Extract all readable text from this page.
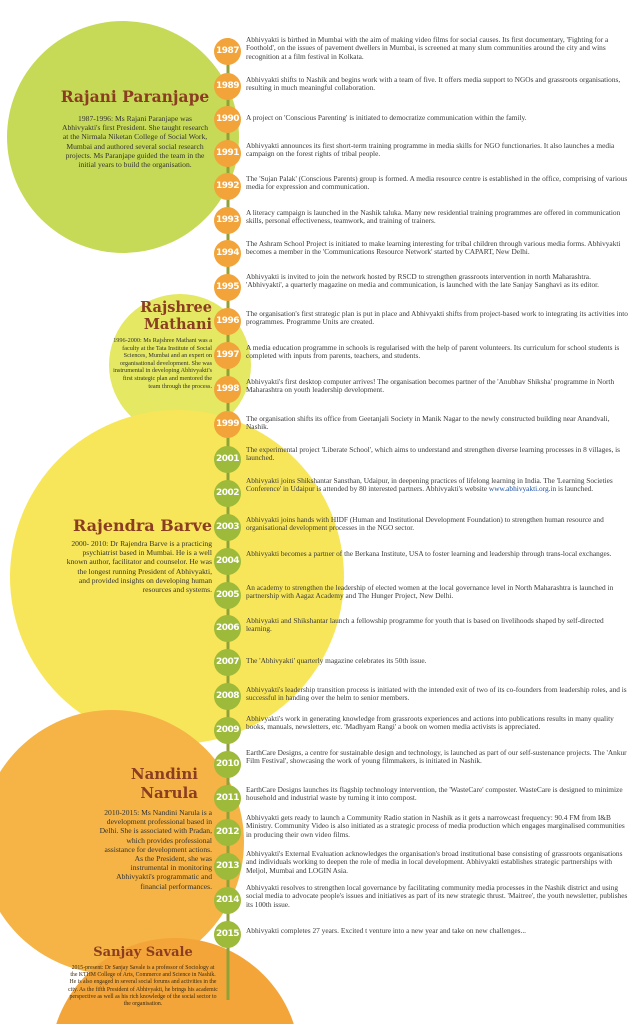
Rajani Paranjape
1987-1996: Ms Rajani Paranjape was Abhivyakti's first President. She taught research at the Nirmala Niketan College of Social Work, Mumbai and authored several social research projects. Ms Paranjape guided the team in the initial years to build the organisation.
Rajshree
Mathani
1996-2000: Ms Rajshree Mathani was a faculty at the Tata Institute of Social Sciences, Mumbai and an expert on organisational development. She was instrumental in developing Abhivyakti's first strategic plan and mentored the team through the process.
Rajendra Barve
2000- 2010: Dr Rajendra Barve is a practicing psychiatrist based in Mumbai. He is a well known author, facilitator and counselor. He was the longest running President of Abhivyakti, and provided insights on developing human resources and systems.
Nandini
Narula
2010-2015: Ms Nandini Narula is a development professional based in Delhi. She is associated with Pradan, which provides professional assistance for development actions. As the President, she was instrumental in monitoring Abhivyakti's programmatic and financial performances.
Sanjay Savale
2015-present: Dr Sanjay Savale is a professor of Sociology at the KTHM College of Arts, Commerce and Science in Nashik. He is also engaged in several social forums and activities in the city. As the fifth President of Abhivyakti, he brings his academic perspective as well as his rich knowledge of the social sector to the organisation.
1987
Abhivyakti is birthed in Mumbai with the aim of making video films for social causes. Its first documentary, 'Fighting for a Foothold', on the issues of pavement dwellers in Mumbai, is screened at many slum communities around the city and wins recognition at a film festival in Kolkata.
1989
Abhivyakti shifts to Nashik and begins work with a team of five. It offers media support to NGOs and grassroots organisations, resulting in much meaningful collaboration.
1990 A project on 'Conscious Parenting' is initiated to democratize communication within the family.
1991
Abhivyakti announces its first short-term training programme in media skills for NGO functionaries. It also launches a media campaign on the forest rights of tribal people.
1992
The 'Sujan Palak' (Conscious Parents) group is formed. A media resource centre is established in the office, comprising of various media for expression and communication.
1993
A literacy campaign is launched in the Nashik taluka. Many new residential training programmes are offered in communication skills, personal effectiveness, teamwork, and training of trainers.
1994
The Ashram School Project is initiated to make learning interesting for tribal children through various media forms. Abhivyakti becomes a member in the 'Communications Resource Network' started by CAPART, New Delhi.
1995
Abhivyakti is invited to join the network hosted by RSCD to strengthen grassroots intervention in north Maharashtra. 'Abhivyakti', a quarterly magazine on media and communication, is launched with the late Sanjay Sanghavi as its editor.
1996
The organisation's first strategic plan is put in place and Abhivyakti shifts from project-based work to integrating its activities into programmes. Programme Units are created.
1997
A media education programme in schools is regularised with the help of parent volunteers. Its curriculum for school students is completed with inputs from parents, teachers, and students.
1998
Abhivyakti's first desktop computer arrives! The organisation becomes partner of the 'Anubhav Shiksha' programme in North Maharashtra on youth leadership development.
1999
The organisation shifts its office from Geetanjali Society in Manik Nagar to the newly constructed building near Anandvali, Nashik.
2001
The experimental project 'Liberate School', which aims to understand and strengthen diverse learning processes in 8 villages, is launched.
2002
Abhivyakti joins Shikshantar Sansthan, Udaipur, in deepening practices of lifelong learning in India. The 'Learning Societies Conference' in Udaipur is attended by 80 interested partners. Abhivyakti's website www.abhivyakti.org.in is launched.
2003
Abhivyakti joins hands with HIDF (Human and Institutional Development Foundation) to strengthen human resource and organisational development processes in the NGO sector.
2004
Abhivyakti becomes a partner of the Berkana Institute, USA to foster learning and leadership through trans-local exchanges.
2005
An academy to strengthen the leadership of elected women at the local governance level in North Maharashtra is launched in partnership with Aagaz Academy and The Hunger Project, New Delhi.
2006
Abhivyakti and Shikshantar launch a fellowship programme for youth that is based on livelihoods shaped by self-directed learning.
2007 The 'Abhivyakti' quarterly magazine celebrates its 50th issue.
2008
Abhivyakti's leadership transition process is initiated with the intended exit of two of its co-founders from leadership roles, and is successful in handing over the helm to senior members.
2009
Abhivyakti's work in generating knowledge from grassroots experiences and actions into publications results in many quality books, manuals, newsletters, etc. 'Madhyam Rangi' a book on women media activists is appreciated.
2010
EarthCare Designs, a centre for sustainable design and technology, is launched as part of our self-sustenance projects. The 'Ankur Film Festival', showcasing the work of young filmmakers, is initiated in Nashik.
2011
EarthCare Designs launches its flagship technology intervention, the 'WasteCare' composter. WasteCare is designed to minimize household and industrial waste by turning it into compost.
2012
Abhivyakti gets ready to launch a Community Radio station in Nashik as it gets a narrowcast frequency: 90.4 FM from I&B Ministry. Community Video is also initiated as a strategic process of media production which engages marginalised communities in producing their own video films.
2013
Abhivyakti's External Evaluation acknowledges the organisation's broad institutional base consisting of grassroots organisations and individuals working to deepen the role of media in local development. Abhivyakti establishes strategic partnerships with Meljol, Mumbai and LOGIN Asia.
2014
Abhivyakti resolves to strengthen local governance by facilitating community media processes in the Nashik district and using social media to advocate people's issues and initiatives as part of its new strategic thrust. 'Maitree', the youth newsletter, publishes its 100th issue.
2015 Abhivyakti completes 27 years. Excited t venture into a new year and take on new challenges...
